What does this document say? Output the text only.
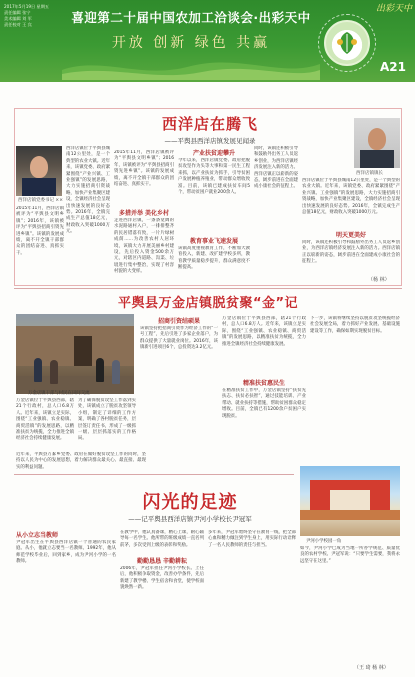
2017年5月19日 星期五
责任编辑 张宁
美术编辑 刘 军
责任校对 王 宾	喜迎第二十届中国农加工洽谈会·出彩天中
开放 创新 绿色 共赢
出彩天中
A21
西洋店在腾飞
——平舆县西洋店镇发展见闻录
西洋店镇党委书记 ××
西洋店镇位于平舆县城南12公里处，是一个典型的农业大镇。近年来，该镇党委、政府紧紧围绕“产业兴镇、工业强镇”的发展思路，大力实施招商引资战略，加快产业集聚区建设，全镇经济社会呈现出快速发展的良好态势。2016年，全镇完成生产总值18亿元，财政收入突破1000万元。
2015年11月，西洋店镇被评为“平舆县文明乡镇”；2016年，该镇被评为“平舆县招商引资先进乡镇”。该镇的发展成绩，离不开全镇干部群众的团结奋进、真抓实干。
2015年11月，西洋店镇被评为“平舆县文明乡镇”；2016年，该镇被评为“平舆县招商引资先进乡镇”。该镇的发展成绩，离不开全镇干部群众的团结奋进、真抓实干。
多措并举 美化乡村
走进西洋店镇，一条条宽阔的水泥路通村入户，一排排整齐的民居错落有致，一片片绿树成荫……为改善农村人居环境，该镇大力开展美丽乡村建设，先后投入资金500余万元，对辖区内道路、沟渠、垃圾进行集中整治，实现了村容村貌的大变样。
产业扶贫迎攀升
今年以来，西洋店镇党委、政府把脱贫攻坚作为头等大事和第一民生工程来抓，以产业扶贫为抓手，引导贫困户发展种植养殖业，带动群众增收致富。目前，该镇已建成扶贫车间5个，带动贫困户就业200余人。
教育事业飞速发展
该镇高度重视教育工作，不断加大教育投入，新建、改扩建学校多所，教育教学质量稳步提升，群众满意度不断提高。
同时，该镇还积极引导和鼓励外出务工人员返乡创业，为西洋店镇经济发展注入新的活力。西洋店镇正以崭新的姿态，阔步前进在全面建成小康社会的征程上。
西洋店镇镇长
西洋店镇位于平舆县城南12公里处，是一个典型的农业大镇。近年来，该镇党委、政府紧紧围绕“产业兴镇、工业强镇”的发展思路，大力实施招商引资战略，加快产业集聚区建设，全镇经济社会呈现出快速发展的良好态势。2016年，全镇完成生产总值18亿元，财政收入突破1000万元。
明天更美好
同时，该镇还积极引导和鼓励外出务工人员返乡创业，为西洋店镇经济发展注入新的活力。西洋店镇正以崭新的姿态，阔步前进在全面建成小康社会的征程上。
（杨 林）
平舆县万金店镇脱贫聚“金”记
万金店镇干部与村民在田间交流
万金店镇位于平舆县西部，辖21个行政村，总人口6.8万人。近年来，该镇立足实际，围绕“工业强镇、农业稳镇、商贸活镇”的发展思路，以精准扶贫为统揽，全力推进全镇经济社会持续健康发展。
为了确保脱贫攻坚工作落到实处，该镇成立了脱贫攻坚领导小组，制定了详细的工作方案，明确了各村脱贫任务，层层签订责任书，形成了一级抓一级、层层抓落实的工作格局。
招商引资结硕果
该镇坚持把招商引资作为经济工作的“一号工程”，先后引进了多家企业落户，为群众提供了大量就业岗位。2016年，该镇新引进项目6个，总投资达3.2亿元。
万金店镇位于平舆县西部，辖21个行政村，总人口6.8万人。近年来，该镇立足实际，围绕“工业强镇、农业稳镇、商贸活镇”的发展思路，以精准扶贫为统揽，全力推进全镇经济社会持续健康发展。
精准扶贫惠民生
在精准扶贫工作中，万金店镇坚持“扶贫先扶志、扶贫必扶智”，通过技能培训、产业带动、就业扶持等措施，帮助贫困群众稳定增收。目前，全镇已有1200余户贫困户实现脱贫。
下一步，该镇将继续坚持以脱贫攻坚统揽经济社会发展全局，着力抓好产业发展、基础设施建设等工作，确保如期实现脱贫目标。
近年来，平舆县万冢乡党委、政府在做好脱贫攻坚工作的同时，坚持以人民为中心的发展思想，着力解决群众最关心、最直接、最现实的利益问题。
闪光的足迹
——记平舆县西洋店镇尹河小学校长尹冠军
尹河小学校园一角
从小立志当教师
尹冠军出生在平舆县西洋店镇一个普通的农民家庭。从小，他就立志要当一名教师。1992年，他从师范学校毕业后，回到家乡，成为尹河小学的一名教师。
在教学中，他认真备课，精心上课，耐心辅导每一名学生。他所带的班级成绩一直名列前茅，多次受到上级的表彰和奖励。
勤勤恳恳 辛勤耕耘
2006年，尹冠军担任尹河小学校长。上任后，他积极争取资金，改善办学条件，先后新建了教学楼、学生宿舍和食堂，使学校面貌焕然一新。
多年来，尹冠军始终坚守在教育一线，把全部心血和精力倾注到学生身上，用实际行动诠释了一名人民教师的责任与担当。
如今，尹河小学已成为当地一所办学规范、质量优良的农村学校。尹冠军说：“只要学生需要，我将永远坚守在这里。”
（王 琦 杨 林）
